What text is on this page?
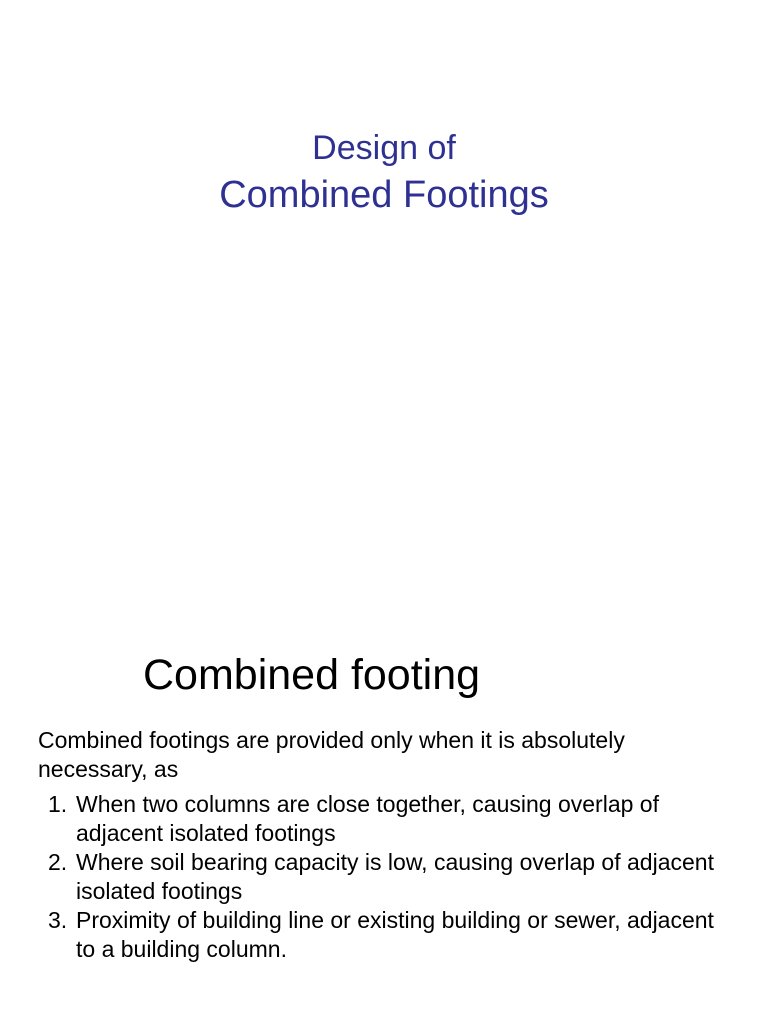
Design of

Combined Footings

Combined footing

Combined footings are provided only when it is absolutely necessary, as

1. When two columns are close together, causing overlap of adjacent isolated footings
2. Where soil bearing capacity is low, causing overlap of adjacent isolated footings
3. Proximity of building line or existing building or sewer, adjacent to a building column.
